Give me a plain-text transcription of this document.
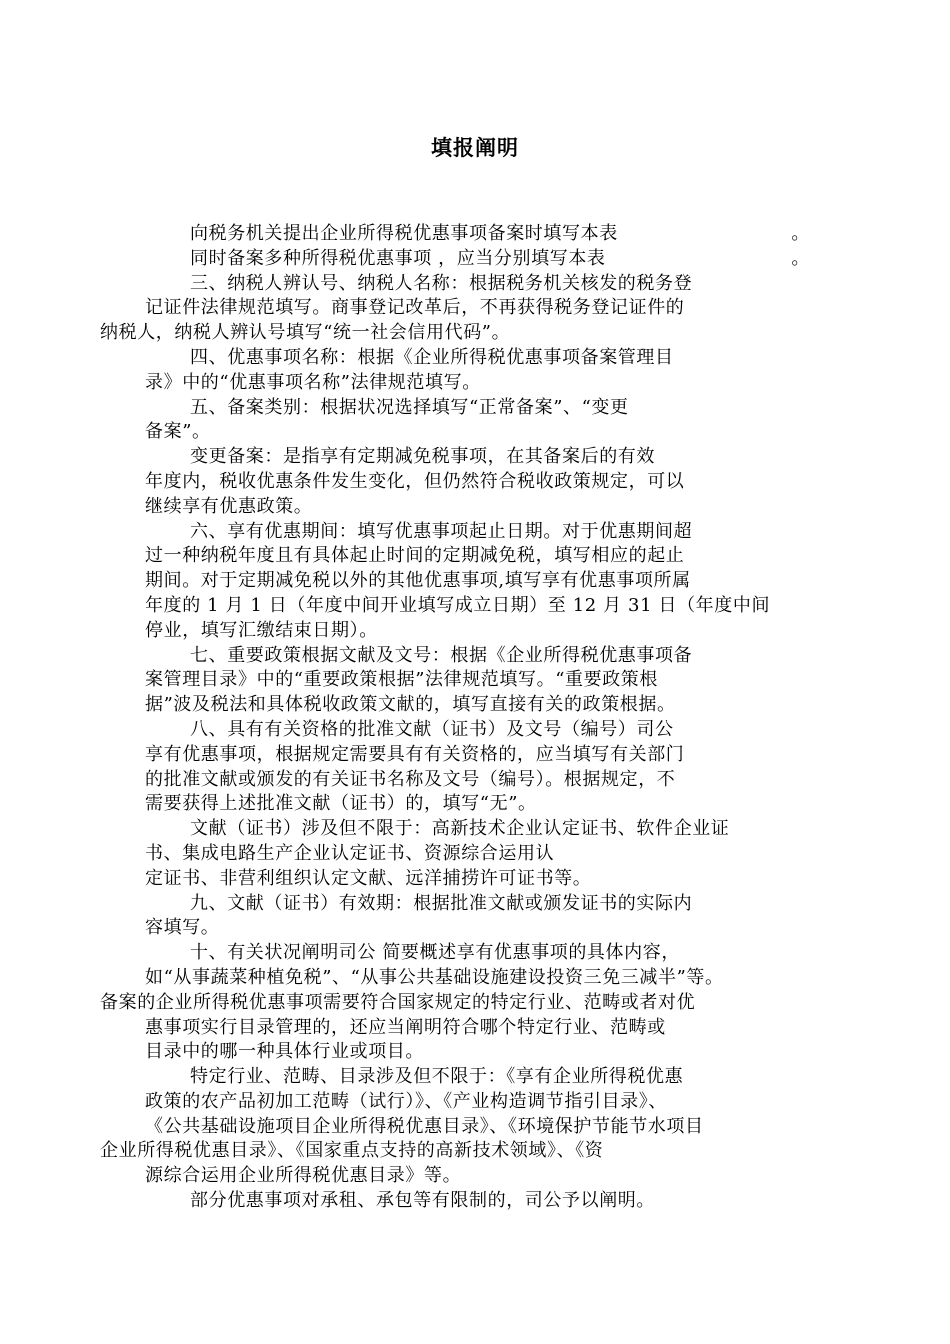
填报阐明
向税务机关提出企业所得税优惠事项备案时填写本表	。
同时备案多种所得税优惠事项 ，应当分别填写本表	。
三、纳税人辨认号、纳税人名称：根据税务机关核发的税务登
记证件法律规范填写。商事登记改革后，不再获得税务登记证件的
纳税人，纳税人辨认号填写“统一社会信用代码”。
四、优惠事项名称：根据《企业所得税优惠事项备案管理目
录》中的“优惠事项名称”法律规范填写。
五、备案类别：根据状况选择填写“正常备案”、“变更
备案”。
变更备案：是指享有定期减免税事项，在其备案后的有效
年度内，税收优惠条件发生变化，但仍然符合税收政策规定，可以
继续享有优惠政策。
六、享有优惠期间：填写优惠事项起止日期。对于优惠期间超
过一种纳税年度且有具体起止时间的定期减免税，填写相应的起止
期间。对于定期减免税以外的其他优惠事项,填写享有优惠事项所属
年度的 1 月 1 日（年度中间开业填写成立日期）至 12 月 31 日（年度中间
停业，填写汇缴结束日期）。
七、重要政策根据文献及文号：根据《企业所得税优惠事项备
案管理目录》中的“重要政策根据”法律规范填写。“重要政策根
据”波及税法和具体税收政策文献的，填写直接有关的政策根据。
八、具有有关资格的批准文献（证书）及文号（编号）司公
享有优惠事项，根据规定需要具有有关资格的，应当填写有关部门
的批准文献或颁发的有关证书名称及文号（编号）。根据规定，不
需要获得上述批准文献（证书）的，填写“无”。
文献（证书）涉及但不限于：高新技术企业认定证书、软件企业证
书、集成电路生产企业认定证书、资源综合运用认
定证书、非营利组织认定文献、远洋捕捞许可证书等。
九、文献（证书）有效期：根据批准文献或颁发证书的实际内
容填写。
十、有关状况阐明司公 简要概述享有优惠事项的具体内容，
如“从事蔬菜种植免税”、“从事公共基础设施建设投资三免三减半”等。
备案的企业所得税优惠事项需要符合国家规定的特定行业、范畴或者对优
惠事项实行目录管理的，还应当阐明符合哪个特定行业、范畴或
目录中的哪一种具体行业或项目。
特定行业、范畴、目录涉及但不限于：《享有企业所得税优惠
政策的农产品初加工范畴（试行）》、《产业构造调节指引目录》、
《公共基础设施项目企业所得税优惠目录》、《环境保护节能节水项目
企业所得税优惠目录》、《国家重点支持的高新技术领域》、《资
源综合运用企业所得税优惠目录》等。
部分优惠事项对承租、承包等有限制的，司公予以阐明。
